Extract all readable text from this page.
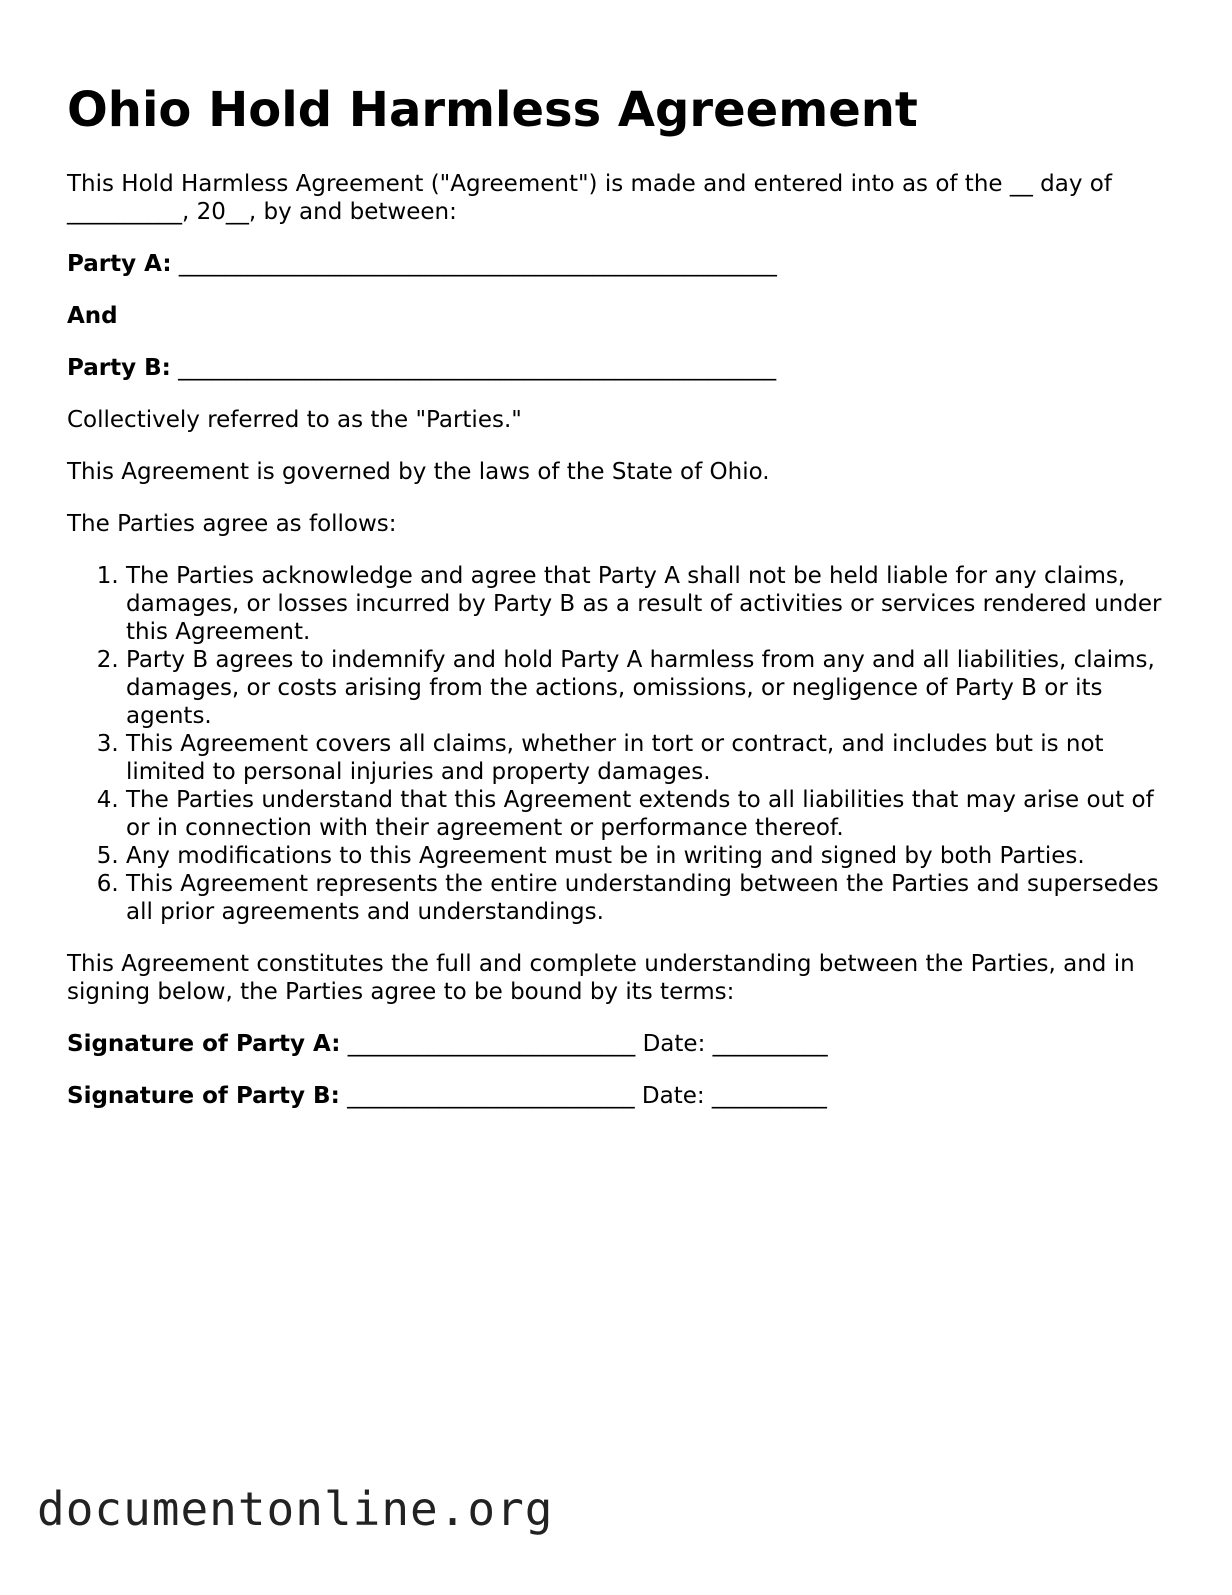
Ohio Hold Harmless Agreement

This Hold Harmless Agreement ("Agreement") is made and entered into as of the __ day of __________, 20__, by and between:

Party A: ____________________________________________________

And

Party B: ____________________________________________________

Collectively referred to as the "Parties."

This Agreement is governed by the laws of the State of Ohio.

The Parties agree as follows:

1. The Parties acknowledge and agree that Party A shall not be held liable for any claims, damages, or losses incurred by Party B as a result of activities or services rendered under this Agreement.
2. Party B agrees to indemnify and hold Party A harmless from any and all liabilities, claims, damages, or costs arising from the actions, omissions, or negligence of Party B or its agents.
3. This Agreement covers all claims, whether in tort or contract, and includes but is not limited to personal injuries and property damages.
4. The Parties understand that this Agreement extends to all liabilities that may arise out of or in connection with their agreement or performance thereof.
5. Any modifications to this Agreement must be in writing and signed by both Parties.
6. This Agreement represents the entire understanding between the Parties and supersedes all prior agreements and understandings.

This Agreement constitutes the full and complete understanding between the Parties, and in signing below, the Parties agree to be bound by its terms:

Signature of Party A: _________________________ Date: __________

Signature of Party B: _________________________ Date: __________

documentonline.org
